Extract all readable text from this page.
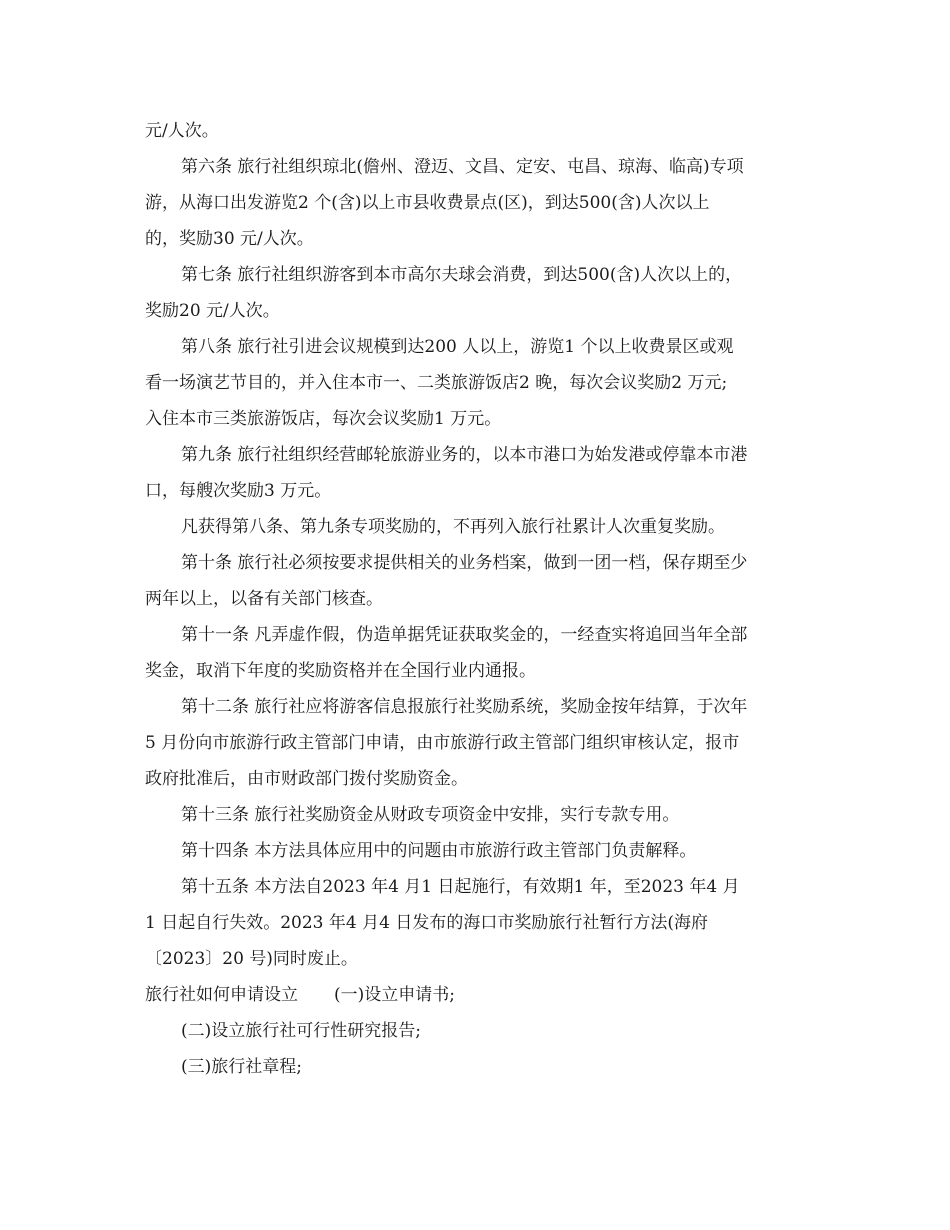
元/人次。

第六条 旅行社组织琼北(儋州、澄迈、文昌、定安、屯昌、琼海、临高)专项

游，从海口出发游览2 个(含)以上市县收费景点(区)，到达500(含)人次以上

的，奖励30 元/人次。

第七条 旅行社组织游客到本市高尔夫球会消费，到达500(含)人次以上的，

奖励20 元/人次。

第八条 旅行社引进会议规模到达200 人以上，游览1 个以上收费景区或观

看一场演艺节目的，并入住本市一、二类旅游饭店2 晚，每次会议奖励2 万元;

入住本市三类旅游饭店，每次会议奖励1 万元。

第九条 旅行社组织经营邮轮旅游业务的，以本市港口为始发港或停靠本市港

口，每艘次奖励3 万元。

凡获得第八条、第九条专项奖励的，不再列入旅行社累计人次重复奖励。

第十条 旅行社必须按要求提供相关的业务档案，做到一团一档，保存期至少

两年以上，以备有关部门核查。

第十一条 凡弄虚作假，伪造单据凭证获取奖金的，一经查实将追回当年全部

奖金，取消下年度的奖励资格并在全国行业内通报。

第十二条 旅行社应将游客信息报旅行社奖励系统，奖励金按年结算，于次年

5 月份向市旅游行政主管部门申请，由市旅游行政主管部门组织审核认定，报市

政府批准后，由市财政部门拨付奖励资金。

第十三条 旅行社奖励资金从财政专项资金中安排，实行专款专用。

第十四条 本方法具体应用中的问题由市旅游行政主管部门负责解释。

第十五条 本方法自2023 年4 月1 日起施行，有效期1 年，至2023 年4 月

1 日起自行失效。2023 年4 月4 日发布的海口市奖励旅行社暂行方法(海府

〔2023〕20 号)同时废止。

旅行社如何申请设立 (一)设立申请书;

(二)设立旅行社可行性研究报告;

(三)旅行社章程;
